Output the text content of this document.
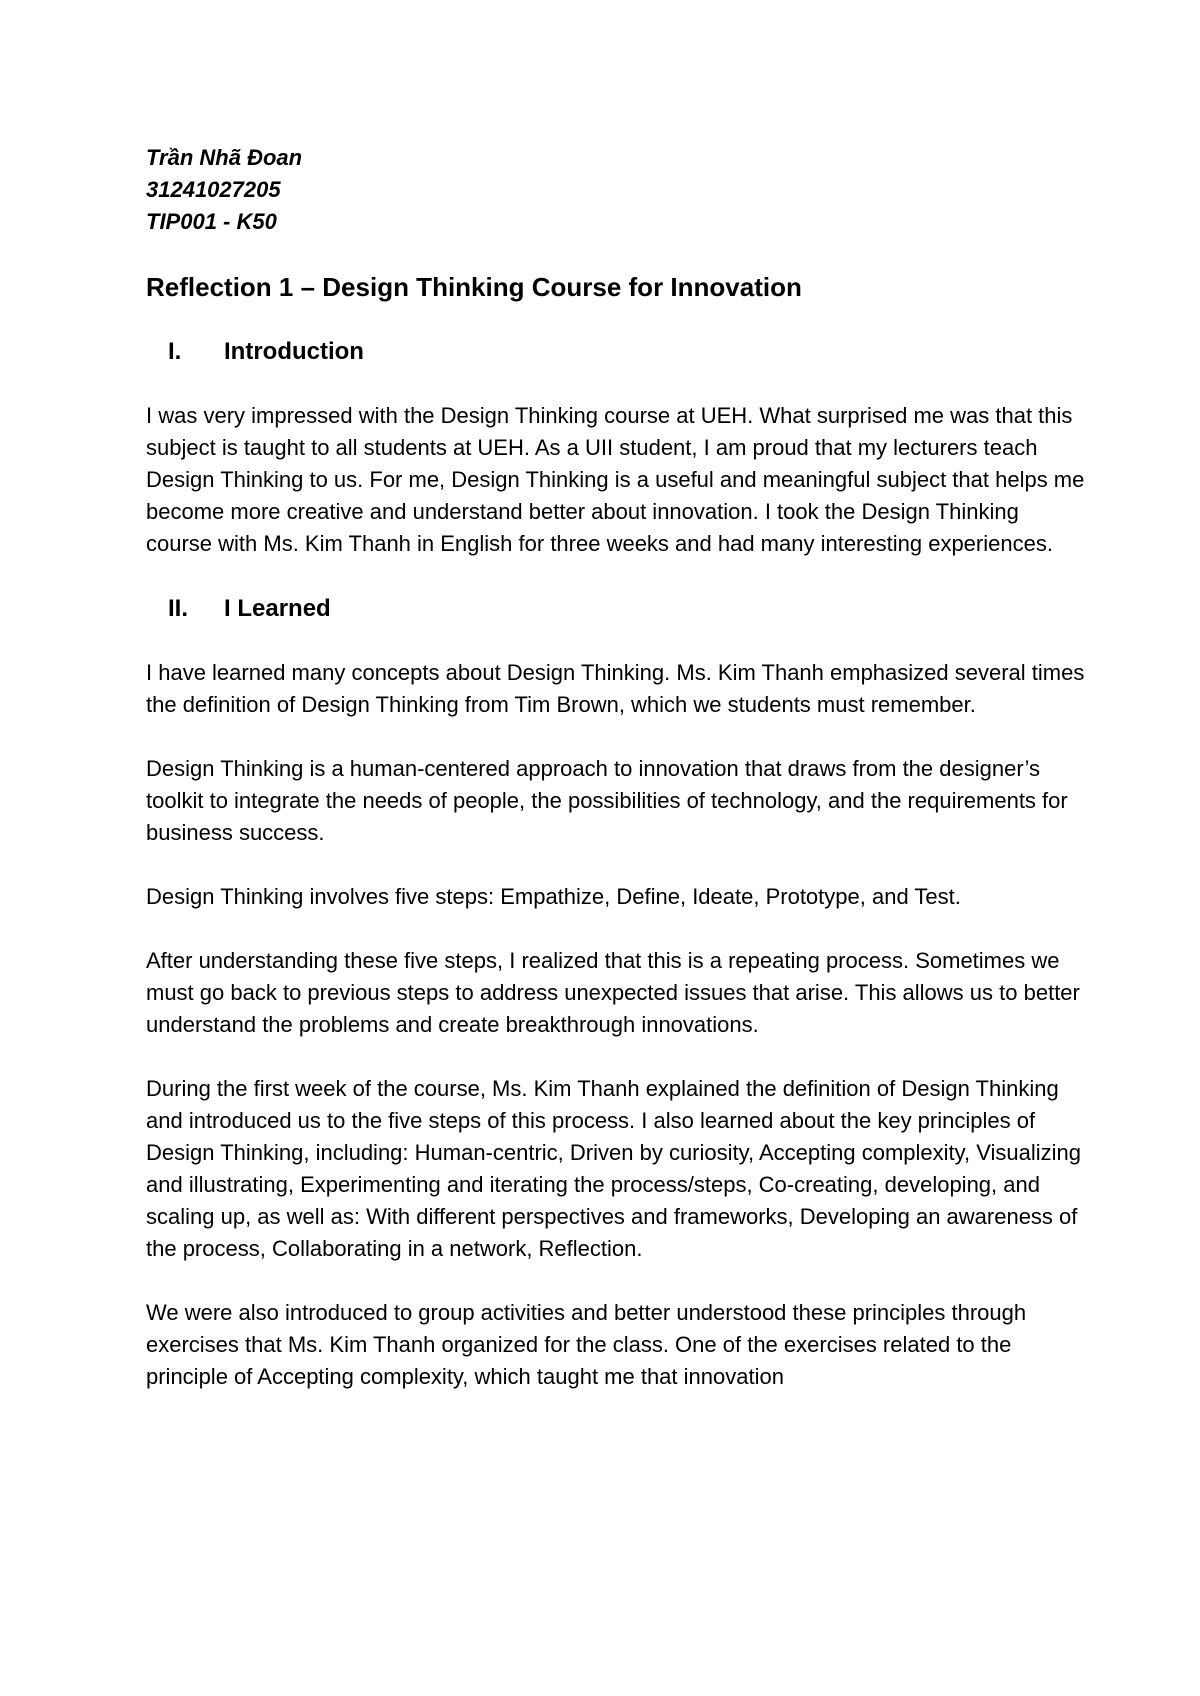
Trần Nhã Đoan
31241027205
TIP001 - K50
Reflection 1 – Design Thinking Course for Innovation
I.	Introduction

I was very impressed with the Design Thinking course at UEH. What surprised me was that this subject is taught to all students at UEH. As a UII student, I am proud that my lecturers teach Design Thinking to us. For me, Design Thinking is a useful and meaningful subject that helps me become more creative and understand better about innovation. I took the Design Thinking course with Ms. Kim Thanh in English for three weeks and had many interesting experiences.

II.	I Learned

I have learned many concepts about Design Thinking. Ms. Kim Thanh emphasized several times the definition of Design Thinking from Tim Brown, which we students must remember.

Design Thinking is a human-centered approach to innovation that draws from the designer’s toolkit to integrate the needs of people, the possibilities of technology, and the requirements for business success.

Design Thinking involves five steps: Empathize, Define, Ideate, Prototype, and Test.

After understanding these five steps, I realized that this is a repeating process. Sometimes we must go back to previous steps to address unexpected issues that arise. This allows us to better understand the problems and create breakthrough innovations.

During the first week of the course, Ms. Kim Thanh explained the definition of Design Thinking and introduced us to the five steps of this process. I also learned about the key principles of Design Thinking, including: Human-centric, Driven by curiosity, Accepting complexity, Visualizing and illustrating, Experimenting and iterating the process/steps, Co-creating, developing, and scaling up, as well as: With different perspectives and frameworks, Developing an awareness of the process, Collaborating in a network, Reflection.

We were also introduced to group activities and better understood these principles through exercises that Ms. Kim Thanh organized for the class. One of the exercises related to the principle of Accepting complexity, which taught me that innovation
